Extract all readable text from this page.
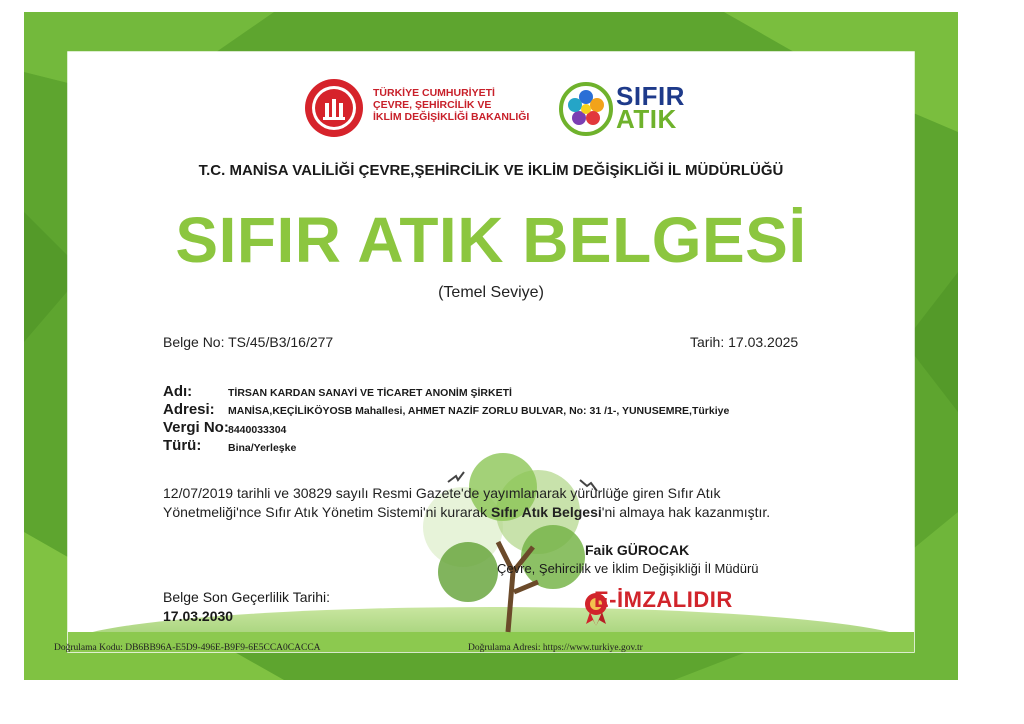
TÜRKİYE CUMHURİYETİ
ÇEVRE, ŞEHİRCİLİK VE
İKLİM DEĞİŞİKLİĞİ BAKANLIĞI
SIFIR
ATIK
T.C. MANİSA VALİLİĞİ ÇEVRE,ŞEHİRCİLİK VE İKLİM DEĞİŞİKLİĞİ İL MÜDÜRLÜĞÜ
SIFIR ATIK BELGESİ
(Temel Seviye)
Belge No: TS/45/B3/16/277	Tarih: 17.03.2025
Adı:	TİRSAN KARDAN SANAYİ VE TİCARET ANONİM ŞİRKETİ
Adresi: MANİSA,KEÇİLİKÖYOSB Mahallesi, AHMET NAZİF ZORLU BULVAR, No: 31 /1-, YUNUSEMRE,Türkiye
Vergi No: 8440033304
Türü:	Bina/Yerleşke
12/07/2019 tarihli ve 30829 sayılı Resmi Gazete'de yayımlanarak yürürlüğe giren Sıfır Atık
Yönetmeliği'nce Sıfır Atık Yönetim Sistemi'ni kurarak Sıfır Atık Belgesi'ni almaya hak kazanmıştır.
Faik GÜROCAK
Çevre, Şehircilik ve İklim Değişikliği İl Müdürü
Belge Son Geçerlilik Tarihi:
17.03.2030
E-İMZALIDIR
Doğrulama Kodu: DB6BB96A-E5D9-496E-B9F9-6E5CCA0CACCA	Doğrulama Adresi: https://www.turkiye.gov.tr
